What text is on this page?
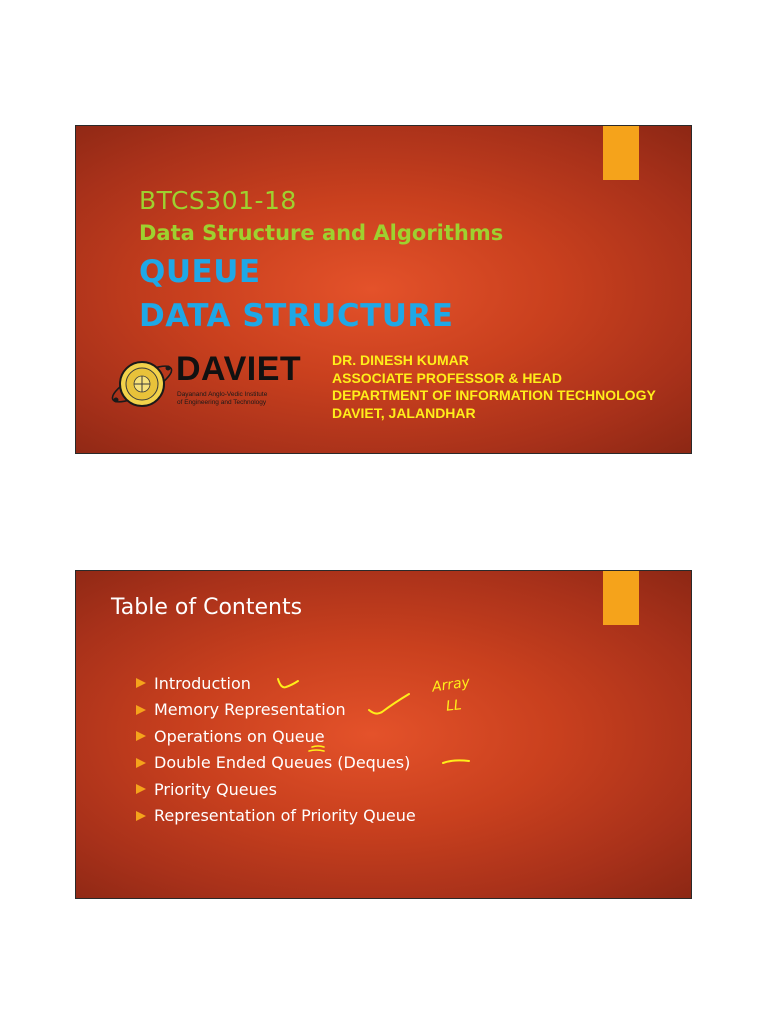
BTCS301-18
Data Structure and Algorithms
QUEUE
DATA STRUCTURE
DAVIET
Dayanand Anglo-Vedic Institute
of Engineering and Technology
DR. DINESH KUMAR
ASSOCIATE PROFESSOR & HEAD
DEPARTMENT OF INFORMATION TECHNOLOGY
DAVIET, JALANDHAR
Table of Contents
Introduction
Memory Representation
Operations on Queue
Double Ended Queues (Deques)
Priority Queues
Representation of Priority Queue
Array
LL
